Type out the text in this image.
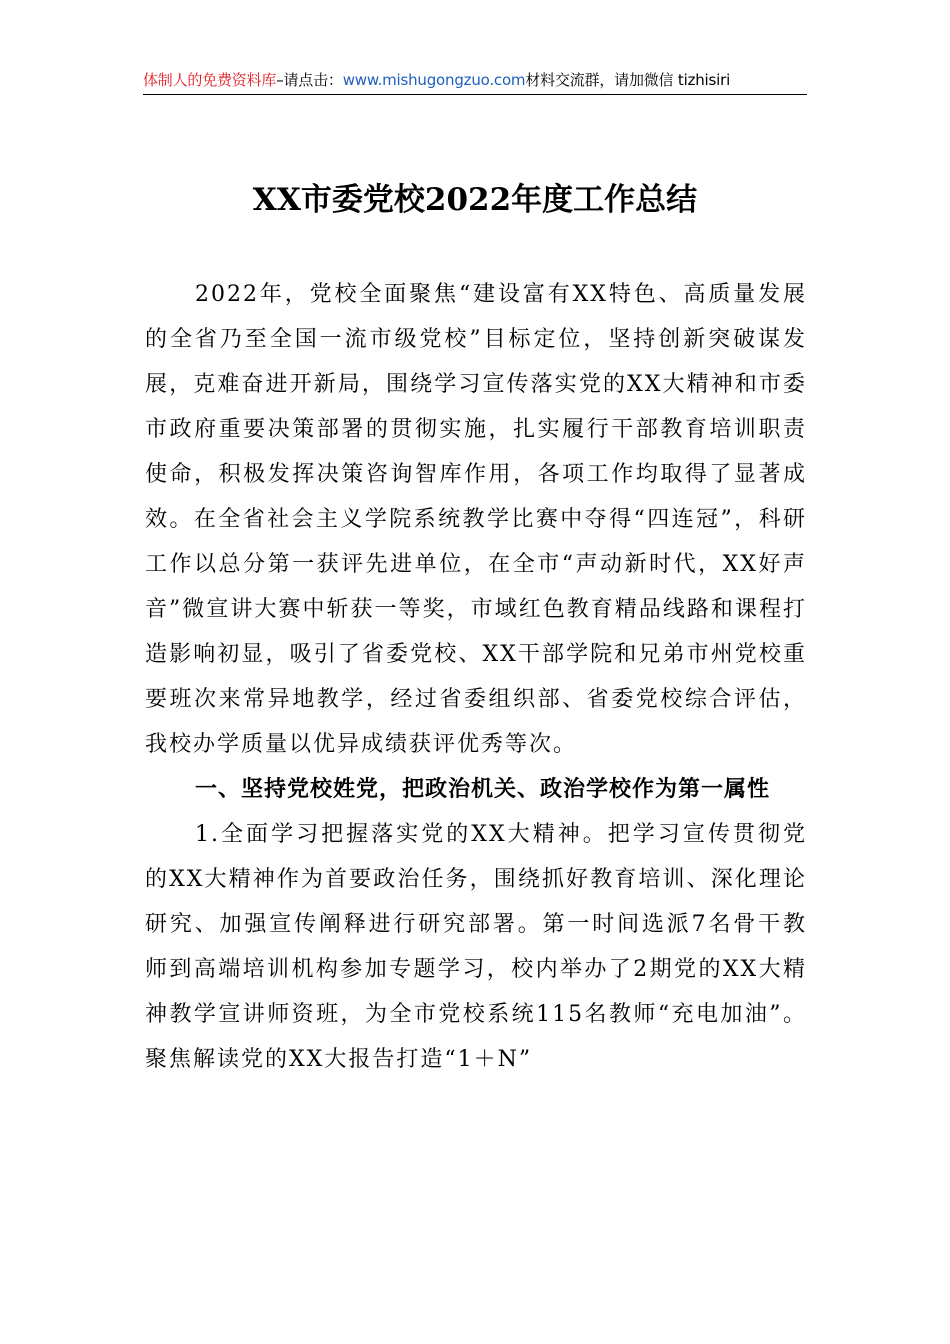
体制人的免费资料库–请点击：www.mishugongzuo.com材料交流群，请加微信 tizhisiri
XX市委党校2022年度工作总结

2022年，党校全面聚焦“建设富有XX特色、高质量发展的全省乃至全国一流市级党校”目标定位，坚持创新突破谋发展，克难奋进开新局，围绕学习宣传落实党的XX大精神和市委市政府重要决策部署的贯彻实施，扎实履行干部教育培训职责使命，积极发挥决策咨询智库作用，各项工作均取得了显著成效。在全省社会主义学院系统教学比赛中夺得“四连冠”，科研工作以总分第一获评先进单位，在全市“声动新时代，XX好声音”微宣讲大赛中斩获一等奖，市域红色教育精品线路和课程打造影响初显，吸引了省委党校、XX干部学院和兄弟市州党校重要班次来常异地教学，经过省委组织部、省委党校综合评估，我校办学质量以优异成绩获评优秀等次。

一、坚持党校姓党，把政治机关、政治学校作为第一属性

1.全面学习把握落实党的XX大精神。把学习宣传贯彻党的XX大精神作为首要政治任务，围绕抓好教育培训、深化理论研究、加强宣传阐释进行研究部署。第一时间选派7名骨干教师到高端培训机构参加专题学习，校内举办了2期党的XX大精神教学宣讲师资班，为全市党校系统115名教师“充电加油”。聚焦解读党的XX大报告打造“1＋N”
